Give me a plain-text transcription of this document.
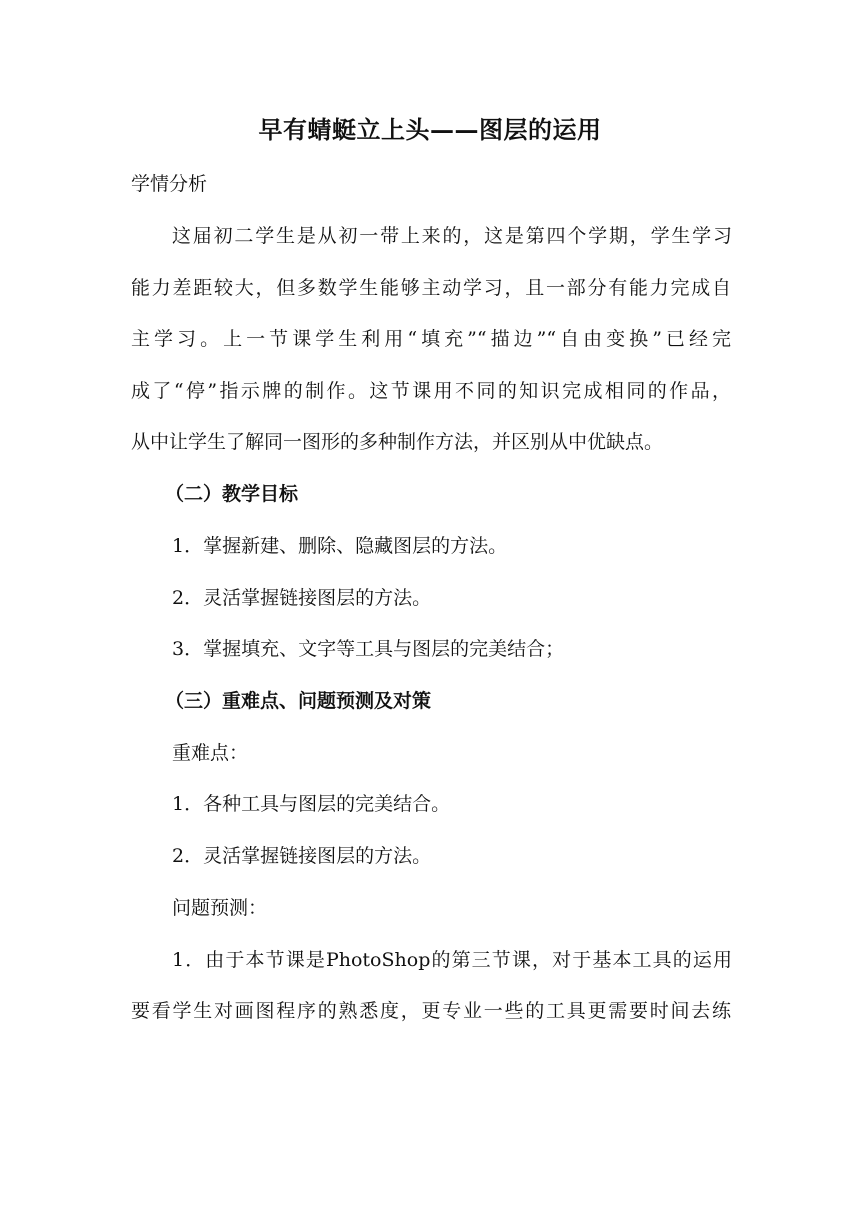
早有蜻蜓立上头——图层的运用
学情分析
这届初二学生是从初一带上来的，这是第四个学期，学生学习
能力差距较大，但多数学生能够主动学习，且一部分有能力完成自
主学习。上一节课学生利用“填充”“描边”“自由变换”已经完
成了“停”指示牌的制作。这节课用不同的知识完成相同的作品，
从中让学生了解同一图形的多种制作方法，并区别从中优缺点。
（二）教学目标
1．掌握新建、删除、隐藏图层的方法。
2．灵活掌握链接图层的方法。
3．掌握填充、文字等工具与图层的完美结合；
（三）重难点、问题预测及对策
重难点：
1．各种工具与图层的完美结合。
2．灵活掌握链接图层的方法。
问题预测：
1．由于本节课是PhotoShop的第三节课，对于基本工具的运用
要看学生对画图程序的熟悉度，更专业一些的工具更需要时间去练
